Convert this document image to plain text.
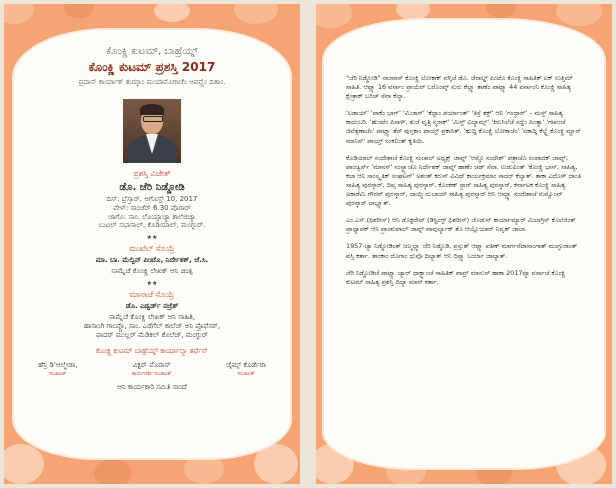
ಕೊಂಕ್ಣಿ ಕುಟಮ್, ಬಾಹ್ರೆಯ್ನ್
ಕೊಂಕ್ಣಿ ಕುಟಮ್ ಪ್ರಶಸ್ತಿ 2017
ಪ್ರದಾನ್ ಕಾರ್ಯಾಕ್ ತುಮ್ಕಾಂ ಮಯಾಮೊಗಾಚೆಂ ಆಪವ್ಣೆಂ ದಿತಾಂ.
ಪ್ರಶಸ್ತಿ ವಿಜೇತ್
ಡೊ. ಜೆರಿ ನಿಡ್ಡೋಡಿ
ದಿಸ್: ಬ್ರೆಸ್ತಾರ್, ಆಗೊಸ್ತ್ 10, 2017
ವೇಳ್: ಸಾಂಜೆರ್ 6.30 ವೊರಾರ್
ಜಾಗೊ: ಸಾಂ. ಲೊಯ್ಸಾಚ್ಯಾ ಕಾಲೆಜಿಚ್ಯಾ
ಬುಟಲ್ ಸಭಾಸಾಲ್, ಕೊಡಿಯಾಲ್, ಮಂಗ್ಳುರ್.
★★
ಮುಖೆಲ್ ಸೊಯ್ರೆ
ಮಾ. ಬಾ. ಮೆಲ್ವಿನ್ ಪಿಂಟೊ, ನಿರ್ದೇಶಕ್, ಜೆ.ಸಿ.
ನಾಮ್ನೆಚೆ ಕೊಂಕ್ಣಿ ಲೇಖಕ್ ಆನಿ ಚಿಂತ್ಪಿ
★★
ಮಾನಾಚೆ ಸೊಯ್ರೆ
ಡೊ. ಎಡ್ವರ್ಡ್ ನಜ್ರೆತ್
ನಾಮ್ನೆಚೆ ಕೊಂಕ್ಣಿ ಲೇಖಕ್ ಆನಿ ಸಾಹಿತಿ,
ಹಾಸಾಂಗಿ ಗಾಂವ್ಚೊ, ಸಾಂ. ಎಡೆಗೆಲ್ ಕಾಲೆಜ್ ಆನಿ ಪ್ರೊಫೆಸರ್,
ಫಾದರ್ ಮುಲ್ಲರ್ ಮೆಡಿಕಲ್ ಕೊಲೆಜ್, ಮಂಗ್ಳುರ್
ಕೊಂಕ್ಣಿ ಕುಟಮ್ ಬಾಹ್ರೆಯ್ನ್ ಕಾರ್ಯಾಲ್ಯಾ ತರ್ಫೆನ್
ಹೆನ್ರಿ ಡಿ'ಆಲ್ಮೇಡಾ,
ಸಂಚಾಲಕ್
ವಿಕ್ಟರ್ ಮೊರಾಸ್
ಕಾರ್ಯದರ್ಶಿ ಸಂಚಾಲಕ್
ಜೈಮ್ಸ್ ಕೊರ್ಡೆರಾ
ಸಂಚಾಲಕ್
ಆನಿ ಕಾರ್ಯಕಾರಿ ಸಮಿತಿ ಸಾಂದೆ

"ಜೆರಿ ನಿಡ್ಡೋಡಿ" ನಾಂವಾನ್ ಕೊಂಕ್ಣಿ ಲೋಕಾಕ್ ವಳ್ಕಿಚೆ ಡೊ. ಜೆರಾಲ್ಡ್ ಪಿಂಟೊ ಕೊಂಕ್ಣಿ ಸಾಹಿತಿಕ್ ಏಕ್ ಉತ್ತಿಮ್ ಸಾಹಿತಿ. ಆಪ್ಲ್ಯಾ 16 ವರ್ಸಾಂ ಪ್ರಾಯೆರ್ ಬರೊಂವ್ಕ್ ಸುರು ಕೆಲ್ಲ್ಯಾ ತಾಣೆಂ ಪಾಟ್ಲ್ಯಾ 44 ವರ್ಸಾಂನಿ ಕೊಂಕ್ಣಿ ಸಾಹಿತ್ಯ ಕ್ಷೇತ್ರಾಕ್ ಬರಿಚ್ ಸೆವಾ ಕೆಲ್ಯಾ.

'ಲಡಾಯ್' 'ಪಾಕೆಂ ಭಾಗ್' 'ಮಿಜಾಸ್' 'ಕೆದ್ಳಾಂ ಪರ್ಯಾಂತ್' 'ತಿಸ್ರೆ ತಕ್ತ್' ಆನಿ 'ಗಂಧ್ರಾರ್' – ಮಸ್ತ್ ಸಾಹಿತ್ಯ ಕಾದಂಬರಿ. 'ಹುಂಟೆಂ ಪಿಸಾಳ್, ತುಜೆ ವೃತ್ತಿ ಸ್ಮರಾಕ್' 'ಮಿಸ್ತ್ ವಿಲ್ಯಾಮ್ಸ್' 'ಕಿರುಸಿಲೆಚೆ ಸದ್ದೆಂ ಪಿಂತ್ಯಾ' 'ಗಾವಂಚೆ ಜಿವೆತ್ಪಣಾಚೆಂ' ಪಾಟ್ಲ್ಯಾ ತೆರ್ ಪುಸ್ತಕಾಂ ಪಾಯ್ತ್ ಪ್ರಕಾಸಿತ್. 'ಹುದ್ದಿ ಕೊಂಕ್ಣಿ ಲೋಕಾಚೆಂ' 'ಏಕಾದ್ಶಿ ಕೆಲ್ಟ್ಲೆ ಕೊಂಕ್ಣಿ ಮ್ಹಾನ್ ಮಾನಿಸ್' ಪಾಯ್ತ್ ಸಂಕಲಿಂತ್ ಕೃತಿಯಿ.

ಕೊಡಿಯಾಲ್ ಸಂದೇಶಾಚೆ ಕೊಂಕ್ಣಿ ಸಂಚಾಲ್ ಅಧ್ಯಕ್ಷ್ ಜಾವ್ನ್ 'ಆಮ್ಚೊ ಸಂದೇಶ್' ಪತ್ರಾಚೊ ಸಂಪಾದಕ್ ಜಾವ್ನ್, ಪಾಂಚ್ವರ್ಸ್ 'ಮಾನಸ್' ಸಂಸ್ಥ್ಯಾಚೊ ನಿರ್ದೇಶಕ್ ಜಾವ್ನ್ ಹಾಣೆಂ ಚಡ್ ಸೆವಾ. ಉಡುಪಿಂತ್ 'ಕೊಂಕ್ಣಿ ಭಾಸ್, ಸಾಹಿತ್ಯ, ಕಲಾ ಆನಿ ಸಾಂಸ್ಕೃತಿಕ್ ಸಂಘಟನ್' ಅಶಂತ್ ಕರುನ್ ವಿವಿಧ್ ಕಾರ್ಯಕ್ರಮಾಂ ಸಾದರ್ ಕೆಲ್ಯಾತ್. ತಾಕಾ ಎದೊಳ್ ದಾಂತಿ ಸಾಹಿತ್ಯ ಪುರಸ್ಕಾರ್, ದಿವ್ಸ ಸಾಹಿತ್ಯ ಪುರಸ್ಕಾರ್, ಕೊಂಕಣ್ ಸ್ಟಾರ್ ಸಾಹಿತ್ಯ ಪುರಸ್ಕಾರ್, ಕರ್ನಾಟಕ ಕೊಂಕ್ಣಿ ಸಾಹಿತ್ಯ ಅಕಾಡೆಮಿ ಗೌರವ್ ಪುರಸ್ಕಾರ್, ದಾಯ್ಜಿ ದುಬಾಯ್ ಸಾಹಿತ್ಯ ಪುರಸ್ಕಾರ್ ಆನಿ ಆಮ್ಚ್ಯಾ ಸಂದೇಶಾಚೆ ರುಮ್ವೊಂವ್ ಪುರಸ್ಕಾರ್ ಲಾಭ್ಲ್ಯಾತ್.

ಎಂ.ಎಸ್.(ಫಿಶರೀಸ್) ಆನಿ ಡೊಕ್ಟರೇಟ್ (ಡಿಸ್ಟಿಂಗ್ಟ್ ಫಿಶರೀಸ್) ಜೊಡುನ್ ಕಾರ್ಯಾಮ್ಯಾರ್ ಮಿಲಾಗ್ರಿಸ್ ಕೊಲೆಜಿಂತ್ ಪ್ರಾಧ್ಯಾಪಕ್ ಆನಿ ಪ್ರಾಂಶುಪಾಲ್ ಜಾವ್ನ್ ವಾವುರ್ಲ್ಯಾಕ್ ತೊ ಆಯ್ಲೊಯಾರ್ ನಿವೃತ್ ಜಾಲಾ.

1957-ಚ್ಯಾ ನಿಡ್ಡೋಡಿಂತ್ ಜಲ್ಮಲ್ಲ್ಯಾ ಜೆರಿ ನಿಡ್ಡೊಡಿ, ಪ್ರಸ್ತುತ್ ಆಪ್ಲ್ಯಾ ಪತಿಣ್ ಮಾರ್ಗರೆಟಾಸಾಂಗಾತ್ ಮಂಗ್ಳುರಾಂತ್ ವಸ್ತಿ ಕರ್ತಾ. ತಾಂಕಾಂ ದೊಗಾಂ ಧುವೊ ದಿಲ್ಯಾತ್ ಆನಿ ದಿಸ್ಲ್ಯಾ ಬರ್ಯಾ ಜಾಲ್ಯಾತ್.

ಜೆರಿ ನಿಡ್ಡೋಡಿಚೆ ಪಾಟ್ಲ್ಯಾ ಚ್ಯಾರ್ ಧಾಕ್ಟ್ಯಾಂಚೆ ಸಾಹಿತಿಕ್ ವಾವ್ರ್ ಮಾನುನ್ ಹಾಕಾ 2017ವ್ಯಾ ವರ್ಸಾಚೆ ಕೊಂಕ್ಣಿ ಕುಟಮ್ ಸಾಹಿತ್ಯ ಪ್ರಶಸ್ತಿ ದಿಲ್ಯಾ ಮಾನ್ ಕರ್ತಾ.
